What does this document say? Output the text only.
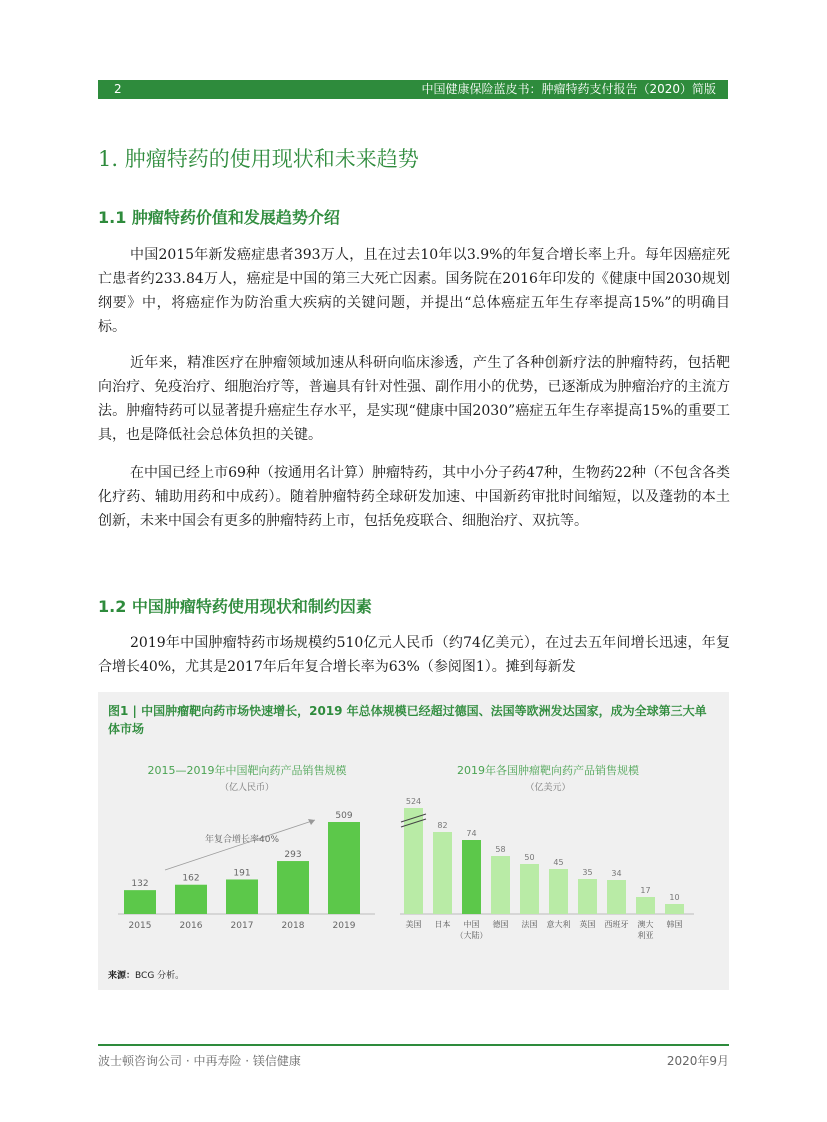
2	中国健康保险蓝皮书：肿瘤特药支付报告（2020）简版
1. 肿瘤特药的使用现状和未来趋势
1.1 肿瘤特药价值和发展趋势介绍
中国2015年新发癌症患者393万人，且在过去10年以3.9%的年复合增长率上升。每年因癌症死亡患者约233.84万人，癌症是中国的第三大死亡因素。国务院在2016年印发的《健康中国2030规划纲要》中，将癌症作为防治重大疾病的关键问题，并提出“总体癌症五年生存率提高15%”的明确目标。
近年来，精准医疗在肿瘤领域加速从科研向临床渗透，产生了各种创新疗法的肿瘤特药，包括靶向治疗、免疫治疗、细胞治疗等，普遍具有针对性强、副作用小的优势，已逐渐成为肿瘤治疗的主流方法。肿瘤特药可以显著提升癌症生存水平，是实现“健康中国2030”癌症五年生存率提高15%的重要工具，也是降低社会总体负担的关键。
在中国已经上市69种（按通用名计算）肿瘤特药，其中小分子药47种，生物药22种（不包含各类化疗药、辅助用药和中成药）。随着肿瘤特药全球研发加速、中国新药审批时间缩短，以及蓬勃的本土创新，未来中国会有更多的肿瘤特药上市，包括免疫联合、细胞治疗、双抗等。
1.2 中国肿瘤特药使用现状和制约因素
2019年中国肿瘤特药市场规模约510亿元人民币（约74亿美元），在过去五年间增长迅速，年复合增长40%，尤其是2017年后年复合增长率为63%（参阅图1）。摊到每新发
图1 | 中国肿瘤靶向药市场快速增长，2019 年总体规模已经超过德国、法国等欧洲发达国家，成为全球第三大单体市场
2015—2019年中国靶向药产品销售规模
（亿人民币）
132
2015
162
2016
191
2017
293
2018
509
2019
年复合增长率40%
2019年各国肿瘤靶向药产品销售规模
（亿美元）
524
美国
82
日本
74
中国
（大陆）
58
德国
50
法国
45
意大利
35
英国
34
西班牙
17
澳大
利亚
10
韩国
来源：BCG 分析。
波士顿咨询公司 · 中再寿险 · 镁信健康	2020年9月
